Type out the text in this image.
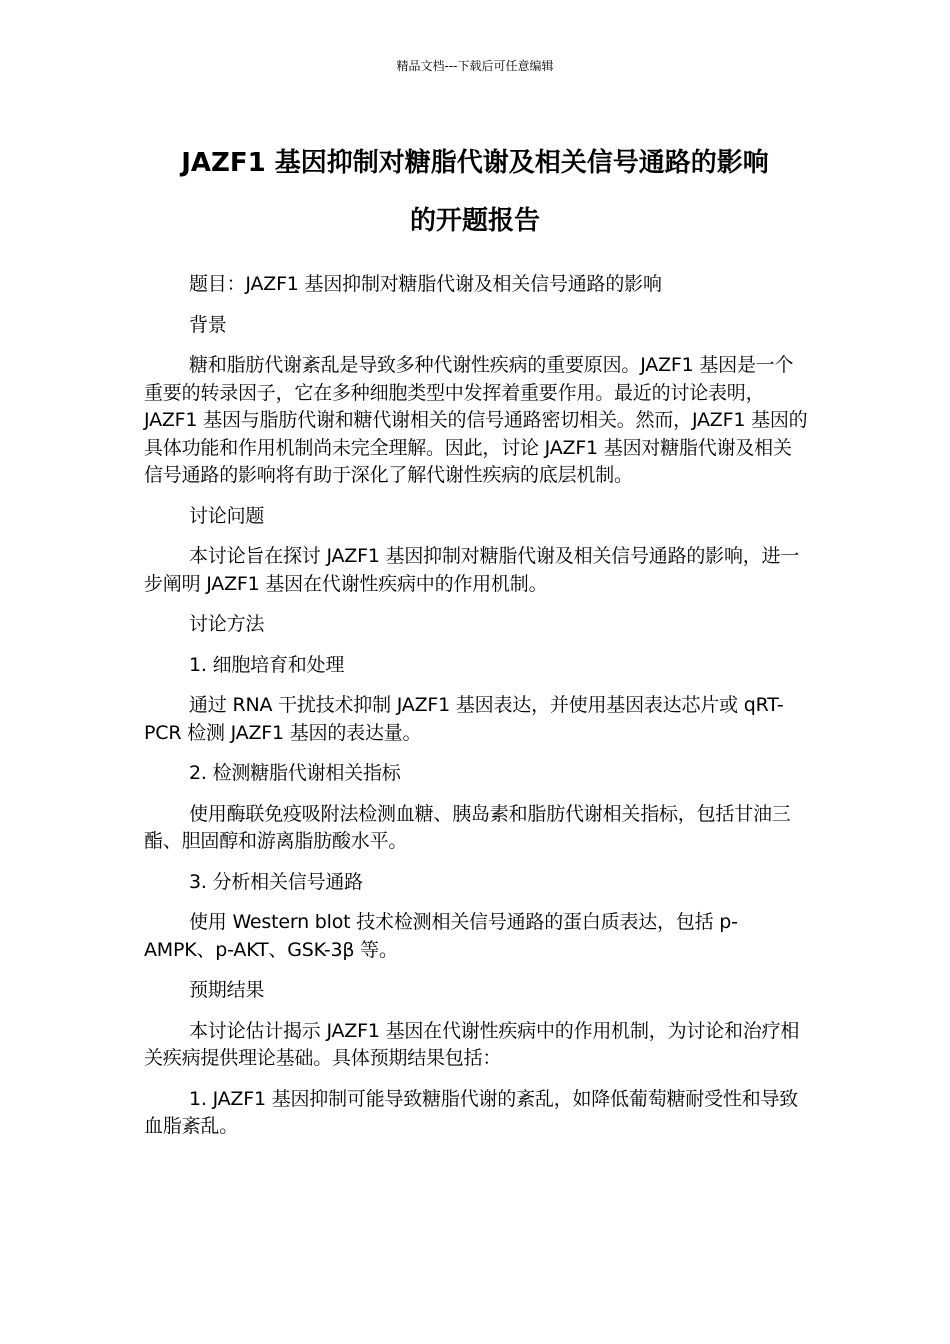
精品文档---下载后可任意编辑
JAZF1 基因抑制对糖脂代谢及相关信号通路的影响
的开题报告

题目：JAZF1 基因抑制对糖脂代谢及相关信号通路的影响

背景

糖和脂肪代谢紊乱是导致多种代谢性疾病的重要原因。JAZF1 基因是一个重要的转录因子，它在多种细胞类型中发挥着重要作用。最近的讨论表明，JAZF1 基因与脂肪代谢和糖代谢相关的信号通路密切相关。然而，JAZF1 基因的具体功能和作用机制尚未完全理解。因此，讨论 JAZF1 基因对糖脂代谢及相关信号通路的影响将有助于深化了解代谢性疾病的底层机制。

讨论问题

本讨论旨在探讨 JAZF1 基因抑制对糖脂代谢及相关信号通路的影响，进一步阐明 JAZF1 基因在代谢性疾病中的作用机制。

讨论方法

1. 细胞培育和处理

通过 RNA 干扰技术抑制 JAZF1 基因表达，并使用基因表达芯片或 qRT-PCR 检测 JAZF1 基因的表达量。

2. 检测糖脂代谢相关指标

使用酶联免疫吸附法检测血糖、胰岛素和脂肪代谢相关指标，包括甘油三酯、胆固醇和游离脂肪酸水平。

3. 分析相关信号通路

使用 Western blot 技术检测相关信号通路的蛋白质表达，包括 p-AMPK、p-AKT、GSK-3β 等。

预期结果

本讨论估计揭示 JAZF1 基因在代谢性疾病中的作用机制，为讨论和治疗相关疾病提供理论基础。具体预期结果包括：

1. JAZF1 基因抑制可能导致糖脂代谢的紊乱，如降低葡萄糖耐受性和导致血脂紊乱。
